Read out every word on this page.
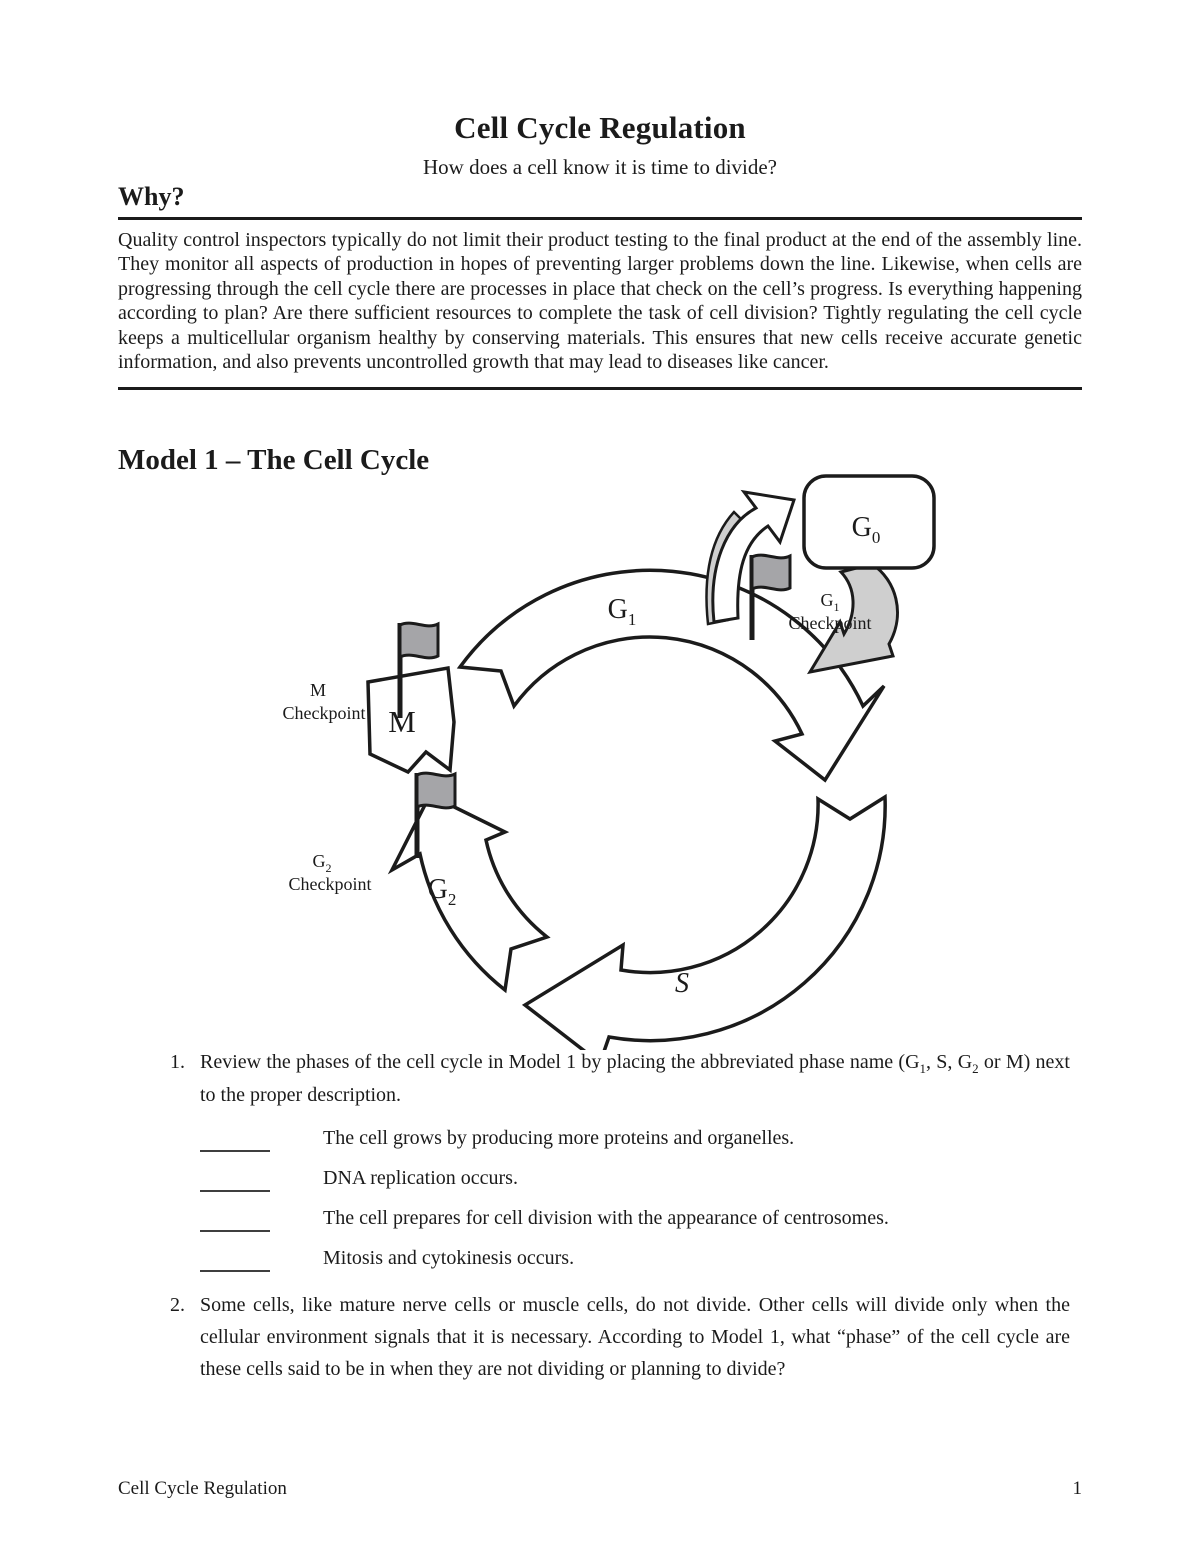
Cell Cycle Regulation
How does a cell know it is time to divide?
Why?
Quality control inspectors typically do not limit their product testing to the final product at the end of the assembly line. They monitor all aspects of production in hopes of preventing larger problems down the line. Likewise, when cells are progressing through the cell cycle there are processes in place that check on the cell’s progress. Is everything happening according to plan? Are there sufficient resources to complete the task of cell division? Tightly regulating the cell cycle keeps a multicellular organism healthy by conserving materials. This ensures that new cells receive accurate genetic information, and also prevents uncontrolled growth that may lead to diseases like cancer.
Model 1 – The Cell Cycle
$G_1$
S
$G_2$
M
$G_0$
M
Checkpoint
$G_2$
Checkpoint
$G_1$
Checkpoint
1. Review the phases of the cell cycle in Model 1 by placing the abbreviated phase name ($G_1$, S, $G_2$ or M) next to the proper description.
The cell grows by producing more proteins and organelles.
DNA replication occurs.
The cell prepares for cell division with the appearance of centrosomes.
Mitosis and cytokinesis occurs.
2. Some cells, like mature nerve cells or muscle cells, do not divide. Other cells will divide only when the cellular environment signals that it is necessary. According to Model 1, what “phase” of the cell cycle are these cells said to be in when they are not dividing or planning to divide?
Cell Cycle Regulation	1
